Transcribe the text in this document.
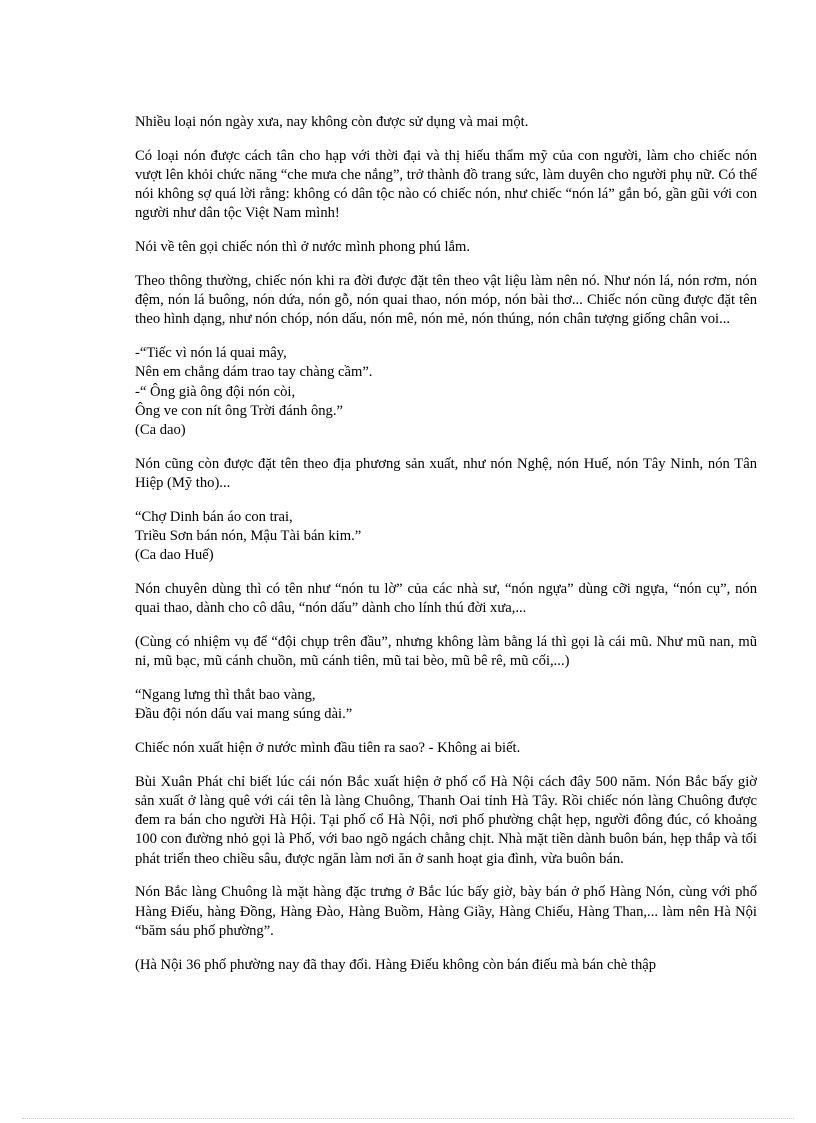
Nhiều loại nón ngày xưa, nay không còn được sử dụng và mai một.

Có loại nón được cách tân cho hạp với thời đại và thị hiếu thẩm mỹ của con người, làm cho chiếc nón vượt lên khỏi chức năng “che mưa che nắng”, trở thành đồ trang sức, làm duyên cho người phụ nữ. Có thể nói không sợ quá lời rằng: không có dân tộc nào có chiếc nón, như chiếc “nón lá” gắn bó, gần gũi với con người như dân tộc Việt Nam mình!

Nói về tên gọi chiếc nón thì ở nước mình phong phú lắm.

Theo thông thường, chiếc nón khi ra đời được đặt tên theo vật liệu làm nên nó. Như nón lá, nón rơm, nón đệm, nón lá buông, nón dứa, nón gỗ, nón quai thao, nón móp, nón bài thơ... Chiếc nón cũng được đặt tên theo hình dạng, như nón chóp, nón dấu, nón mê, nón mẻ, nón thúng, nón chân tượng giống chân voi...

-“Tiếc vì nón lá quai mây,
Nên em chẳng dám trao tay chàng cầm”.
-“ Ông già ông đội nón còi,
Ông ve con nít ông Trời đánh ông.”
(Ca dao)

Nón cũng còn được đặt tên theo địa phương sản xuất, như nón Nghệ, nón Huế, nón Tây Ninh, nón Tân Hiệp (Mỹ tho)...

“Chợ Dinh bán áo con trai,
Triều Sơn bán nón, Mậu Tài bán kim.”
(Ca dao Huế)

Nón chuyên dùng thì có tên như “nón tu lờ” của các nhà sư, “nón ngựa” dùng cỡi ngựa, “nón cụ”, nón quai thao, dành cho cô dâu, “nón dấu” dành cho lính thú đời xưa,...

(Cùng có nhiệm vụ để “đội chụp trên đầu”, nhưng không làm bằng lá thì gọi là cái mũ. Như mũ nan, mũ ni, mũ bạc, mũ cánh chuồn, mũ cánh tiên, mũ tai bèo, mũ bê rê, mũ cối,...)

“Ngang lưng thì thắt bao vàng,
Đầu đội nón dấu vai mang súng dài.”

Chiếc nón xuất hiện ở nước mình đầu tiên ra sao? - Không ai biết.

Bùi Xuân Phát chỉ biết lúc cái nón Bắc xuất hiện ở phố cổ Hà Nội cách đây 500 năm. Nón Bắc bấy giờ sản xuất ở làng quê với cái tên là làng Chuông, Thanh Oai tỉnh Hà Tây. Rồi chiếc nón làng Chuông được đem ra bán cho người Hà Hội. Tại phố cổ Hà Nội, nơi phố phường chật hẹp, người đông đúc, có khoảng 100 con đường nhỏ gọi là Phố, với bao ngõ ngách chằng chịt. Nhà mặt tiền dành buôn bán, hẹp thắp và tối phát triển theo chiều sâu, được ngăn làm nơi ăn ở sanh hoạt gia đình, vừa buôn bán.

Nón Bắc làng Chuông là mặt hàng đặc trưng ở Bắc lúc bấy giờ, bày bán ở phố Hàng Nón, cùng với phố Hàng Điếu, hàng Đồng, Hàng Đào, Hàng Buồm, Hàng Giầy, Hàng Chiếu, Hàng Than,... làm nên Hà Nội “băm sáu phố phường”.

(Hà Nội 36 phố phường nay đã thay đổi. Hàng Điếu không còn bán điếu mà bán chè thập
